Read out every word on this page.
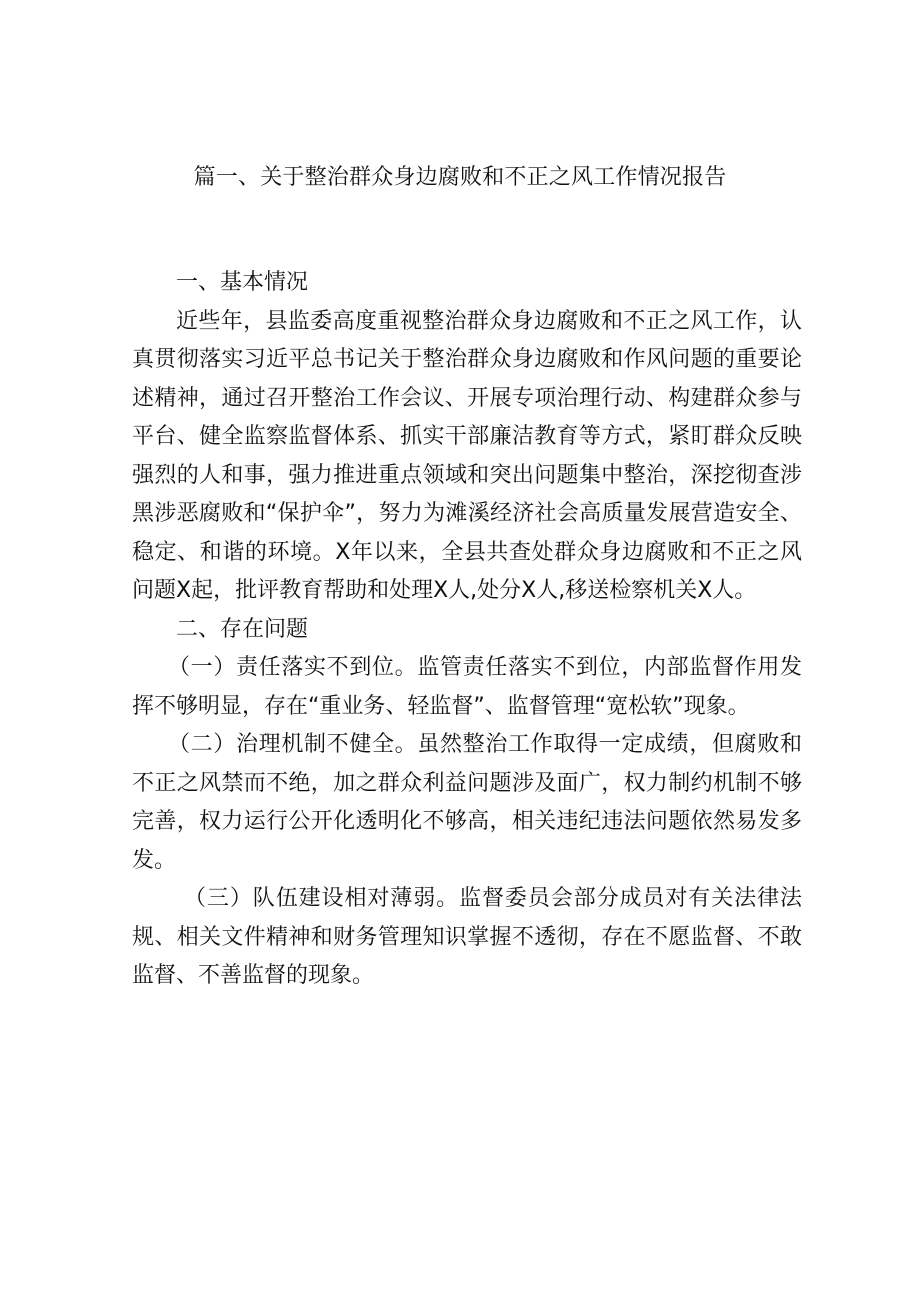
篇一、关于整治群众身边腐败和不正之风工作情况报告

一、基本情况

近些年，县监委高度重视整治群众身边腐败和不正之风工作，认真贯彻落实习近平总书记关于整治群众身边腐败和作风问题的重要论述精神，通过召开整治工作会议、开展专项治理行动、构建群众参与平台、健全监察监督体系、抓实干部廉洁教育等方式，紧盯群众反映强烈的人和事，强力推进重点领域和突出问题集中整治，深挖彻查涉黑涉恶腐败和“保护伞”，努力为滩溪经济社会高质量发展营造安全、稳定、和谐的环境。X年以来，全县共查处群众身边腐败和不正之风问题X起，批评教育帮助和处理X人,处分X人,移送检察机关X人。

二、存在问题

（一）责任落实不到位。监管责任落实不到位，内部监督作用发挥不够明显，存在“重业务、轻监督”、监督管理“宽松软”现象。

（二）治理机制不健全。虽然整治工作取得一定成绩，但腐败和不正之风禁而不绝，加之群众利益问题涉及面广，权力制约机制不够完善，权力运行公开化透明化不够高，相关违纪违法问题依然易发多发。

（三）队伍建设相对薄弱。监督委员会部分成员对有关法律法规、相关文件精神和财务管理知识掌握不透彻，存在不愿监督、不敢监督、不善监督的现象。
